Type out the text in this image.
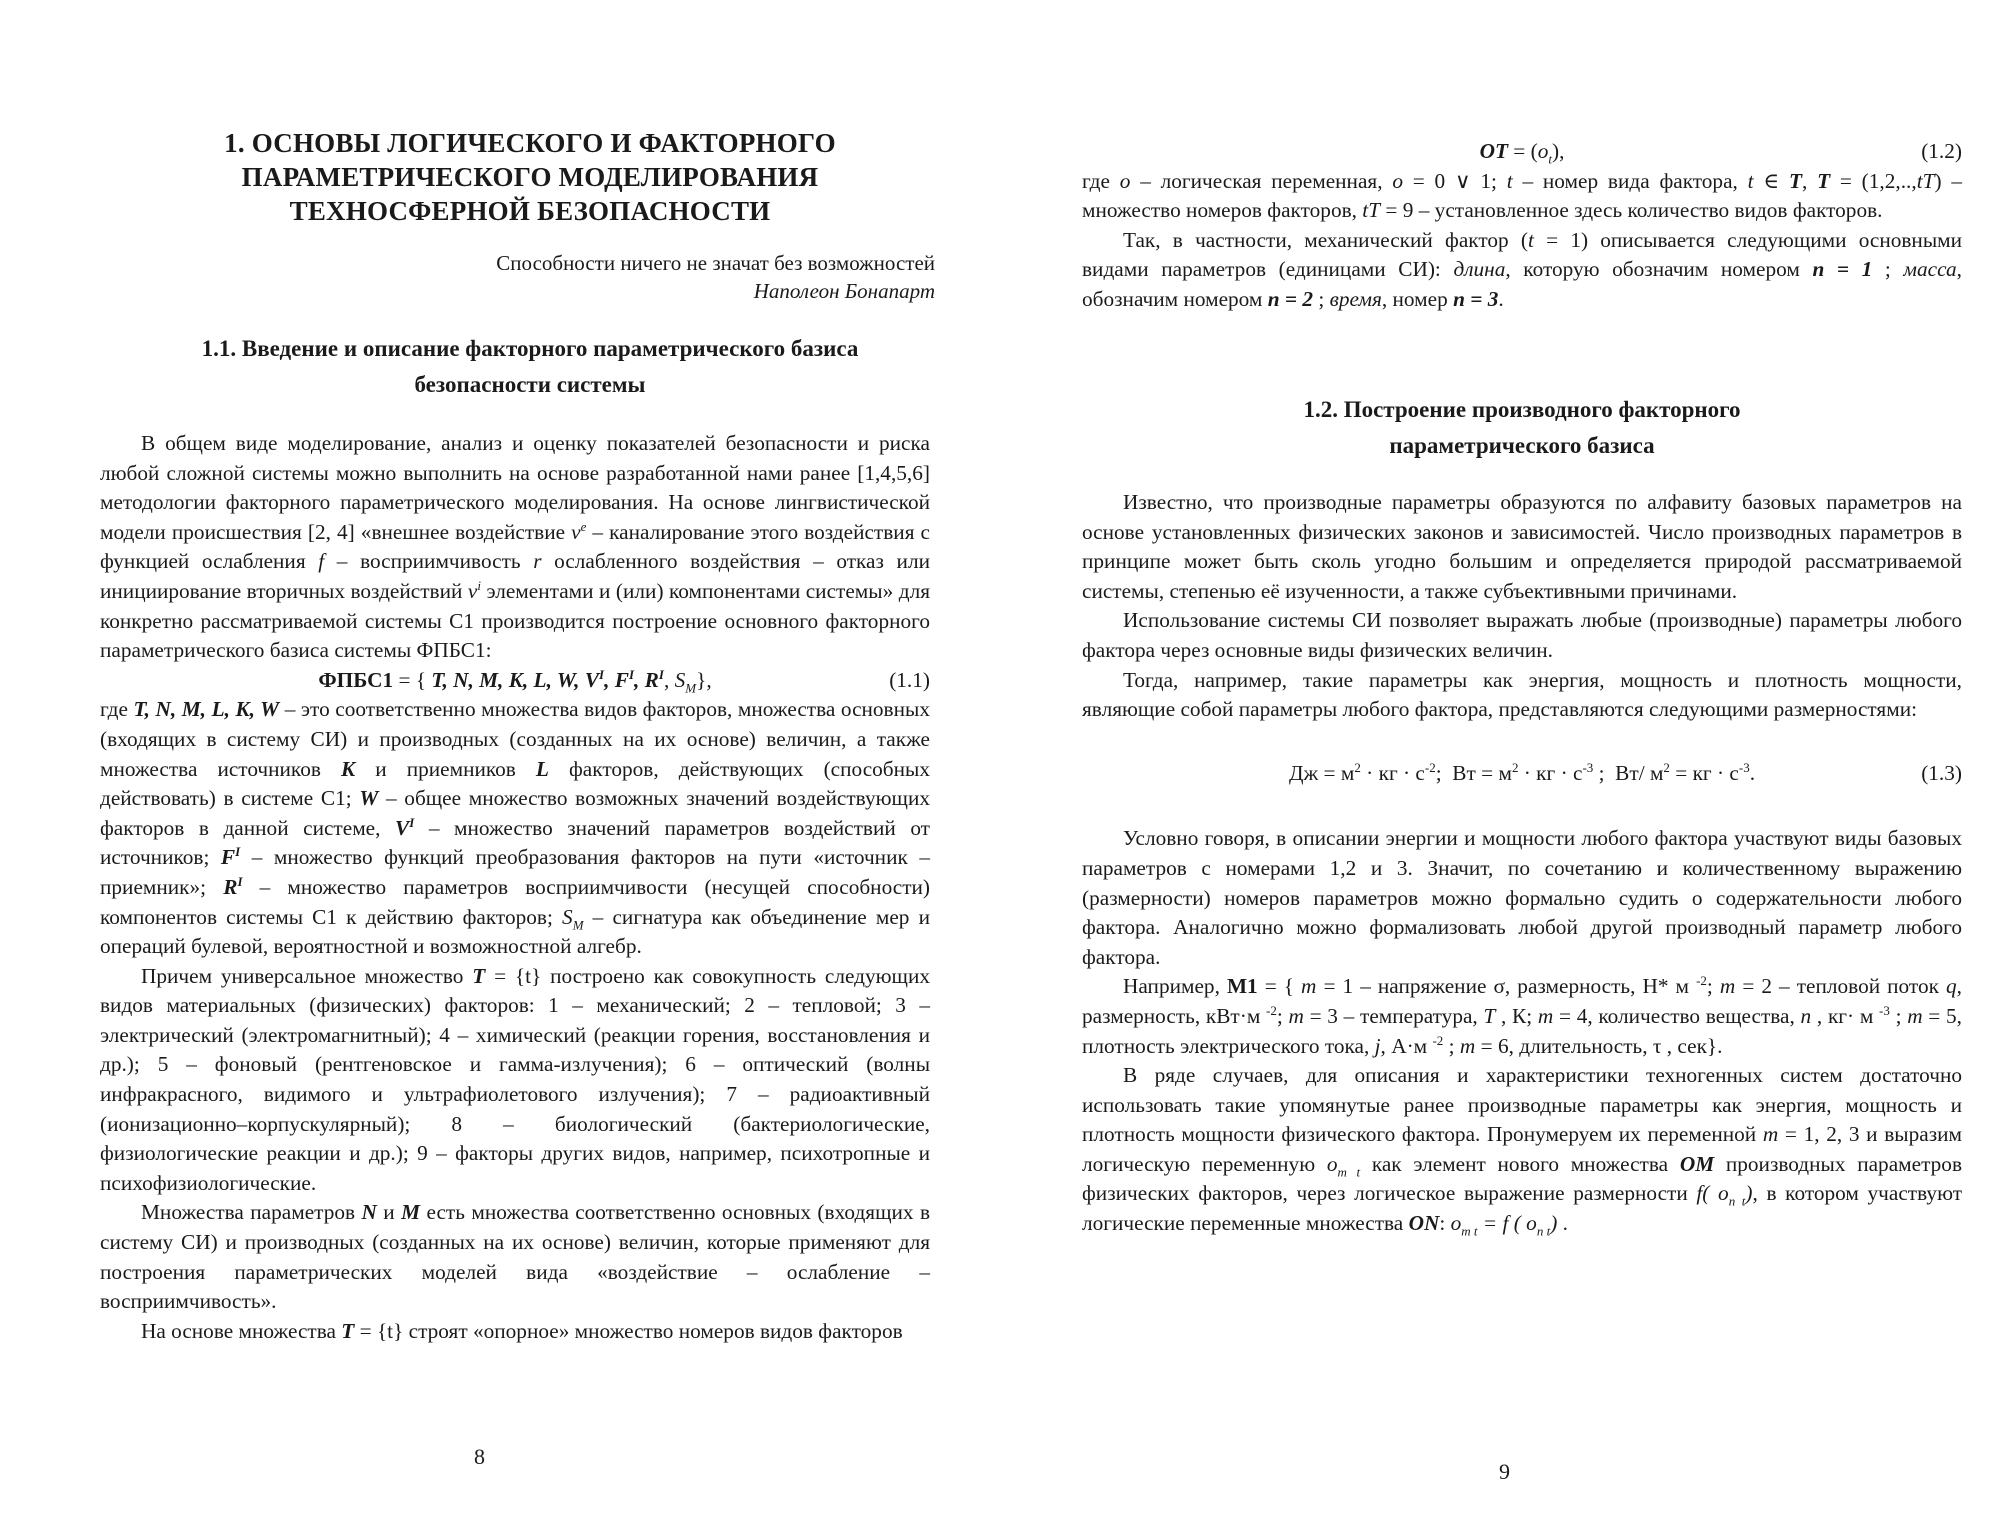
1. ОСНОВЫ ЛОГИЧЕСКОГО И ФАКТОРНОГО
ПАРАМЕТРИЧЕСКОГО МОДЕЛИРОВАНИЯ
ТЕХНОСФЕРНОЙ БЕЗОПАСНОСТИ
Способности ничего не значат без возможностей
Наполеон Бонапарт
1.1. Введение и описание факторного параметрического базиса
безопасности системы

В общем виде моделирование, анализ и оценку показателей безопасности и риска любой сложной системы можно выполнить на основе разработанной нами ранее [1,4,5,6] методологии факторного параметрического моделирования. На основе лингвистической модели происшествия [2, 4] «внешнее воздействие $v^e$ – каналирование этого воздействия с функцией ослабления f – восприимчивость r ослабленного воздействия – отказ или инициирование вторичных воздействий $v^i$ элементами и (или) компонентами системы» для конкретно рассматриваемой системы С1 производится построение основного факторного параметрического базиса системы ФПБС1:

ФПБС1 = { T, N, M, K, L, W, $V^I$, $F^I$, $R^I$, $S_M$},	(1.1)

где T, N, M, L, K, W – это соответственно множества видов факторов, множества основных (входящих в систему СИ) и производных (созданных на их основе) величин, а также множества источников K и приемников L факторов, действующих (способных действовать) в системе С1; W – общее множество возможных значений воздействующих факторов в данной системе, $V^I$ – множество значений параметров воздействий от источников; $F^I$ – множество функций преобразования факторов на пути «источник – приемник»; $R^I$ – множество параметров восприимчивости (несущей способности) компонентов системы С1 к действию факторов; $S_M$ – сигнатура как объединение мер и операций булевой, вероятностной и возможностной алгебр.

Причем универсальное множество T = {t} построено как совокупность следующих видов материальных (физических) факторов: 1 – механический; 2 – тепловой; 3 – электрический (электромагнитный); 4 – химический (реакции горения, восстановления и др.); 5 – фоновый (рентгеновское и гамма-излучения); 6 – оптический (волны инфракрасного, видимого и ультрафиолетового излучения); 7 – радиоактивный (ионизационно–корпускулярный); 8 – биологический (бактериологические, физиологические реакции и др.); 9 – факторы других видов, например, психотропные и психофизиологические.

Множества параметров N и M есть множества соответственно основных (входящих в систему СИ) и производных (созданных на их основе) величин, которые применяют для построения параметрических моделей вида «воздействие – ослабление – восприимчивость».

На основе множества T = {t} строят «опорное» множество номеров видов факторов

8
OT = $(o_t)$,	(1.2)

где o – логическая переменная, o = 0 ∨ 1; t – номер вида фактора, t ∈ T, T = (1,2,..,tT) – множество номеров факторов, tT = 9 – установленное здесь количество видов факторов.

Так, в частности, механический фактор (t = 1) описывается следующими основными видами параметров (единицами СИ): длина, которую обозначим номером n = 1 ; масса, обозначим номером n = 2 ; время, номер n = 3.

1.2. Построение производного факторного
параметрического базиса

Известно, что производные параметры образуются по алфавиту базовых параметров на основе установленных физических законов и зависимостей. Число производных параметров в принципе может быть сколь угодно большим и определяется природой рассматриваемой системы, степенью её изученности, а также субъективными причинами.

Использование системы СИ позволяет выражать любые (производные) параметры любого фактора через основные виды физических величин.

Тогда, например, такие параметры как энергия, мощность и плотность мощности, являющие собой параметры любого фактора, представляются следующими размерностями:

Дж = $м^2$ · кг · $с^{-2}$;  Вт = $м^2$ · кг · $с^{-3}$ ;  Вт/ $м^2$ = кг · $с^{-3}$.	(1.3)

Условно говоря, в описании энергии и мощности любого фактора участвуют виды базовых параметров с номерами 1,2 и 3. Значит, по сочетанию и количественному выражению (размерности) номеров параметров можно формально судить о содержательности любого фактора. Аналогично можно формализовать любой другой производный параметр любого фактора.

Например, М1 = { m = 1 – напряжение σ, размерность, Н* м $^{-2}$; m = 2 – тепловой поток q, размерность, кВт·м $^{-2}$; m = 3 – температура, T , К; m = 4, количество вещества, n , кг· м $^{-3}$ ; m = 5, плотность электрического тока, j, А·м $^{-2}$ ; m = 6, длительность, τ , сек}.

В ряде случаев, для описания и характеристики техногенных систем достаточно использовать такие упомянутые ранее производные параметры как энергия, мощность и плотность мощности физического фактора. Пронумеруем их переменной m = 1, 2, 3 и выразим логическую переменную $o_{m t}$ как элемент нового множества OM производных параметров физических факторов, через логическое выражение размерности f( $o_{n t}$), в котором участвуют логические переменные множества ON: $o_{m t} = f$ ( $o_{n t}$) .

9
